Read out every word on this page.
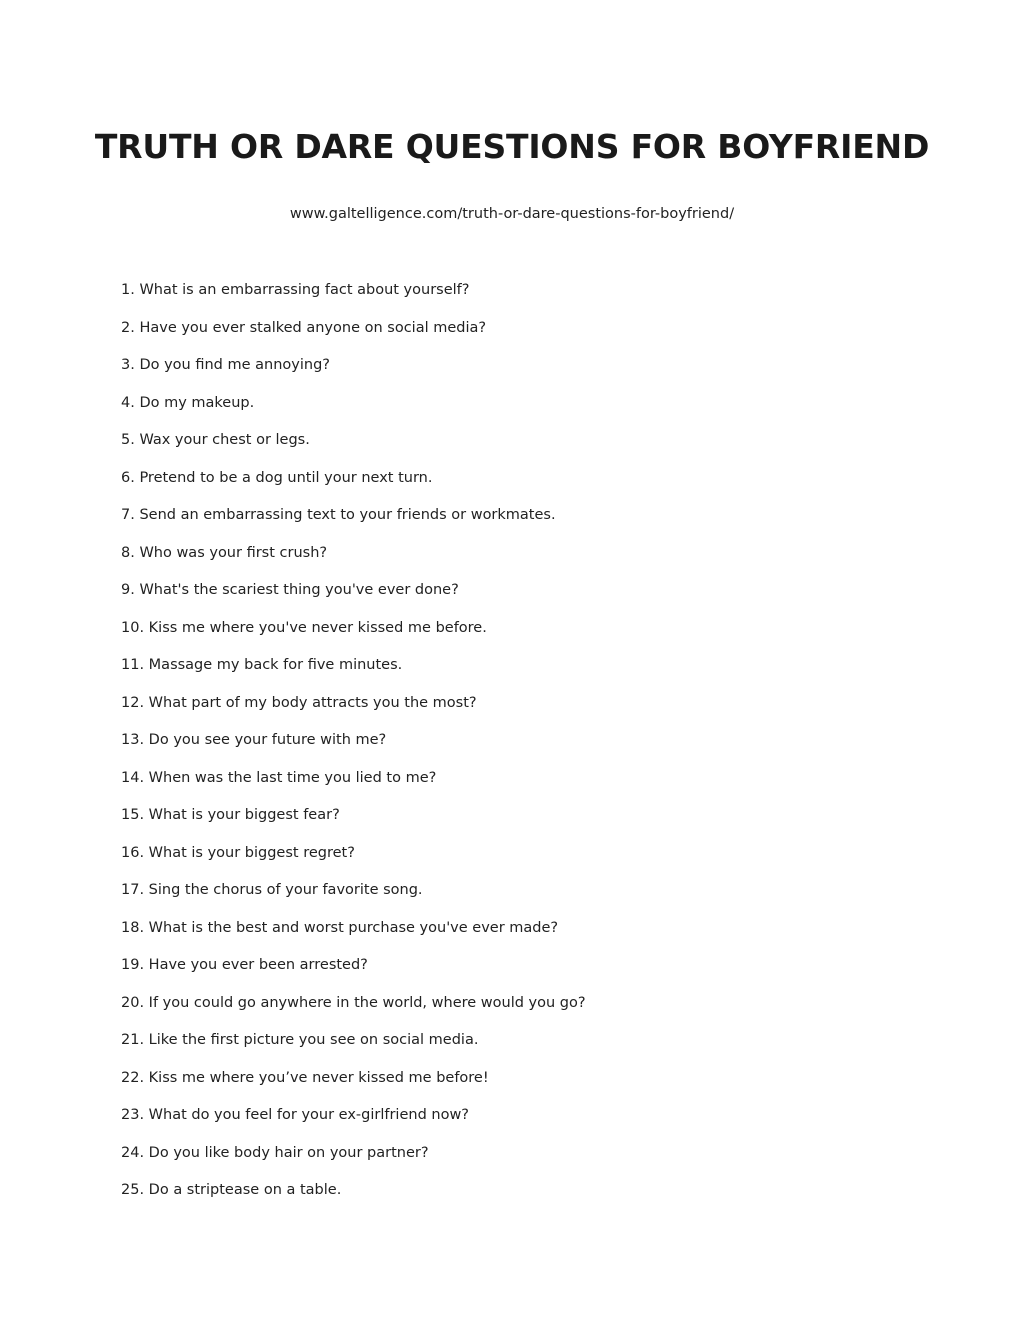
TRUTH OR DARE QUESTIONS FOR BOYFRIEND
www.galtelligence.com/truth-or-dare-questions-for-boyfriend/
1. What is an embarrassing fact about yourself?
2. Have you ever stalked anyone on social media?
3. Do you find me annoying?
4. Do my makeup.
5. Wax your chest or legs.
6. Pretend to be a dog until your next turn.
7. Send an embarrassing text to your friends or workmates.
8. Who was your first crush?
9. What's the scariest thing you've ever done?
10. Kiss me where you've never kissed me before.
11. Massage my back for five minutes.
12. What part of my body attracts you the most?
13. Do you see your future with me?
14. When was the last time you lied to me?
15. What is your biggest fear?
16. What is your biggest regret?
17. Sing the chorus of your favorite song.
18. What is the best and worst purchase you've ever made?
19. Have you ever been arrested?
20. If you could go anywhere in the world, where would you go?
21. Like the first picture you see on social media.
22. Kiss me where you’ve never kissed me before!
23. What do you feel for your ex-girlfriend now?
24. Do you like body hair on your partner?
25. Do a striptease on a table.
